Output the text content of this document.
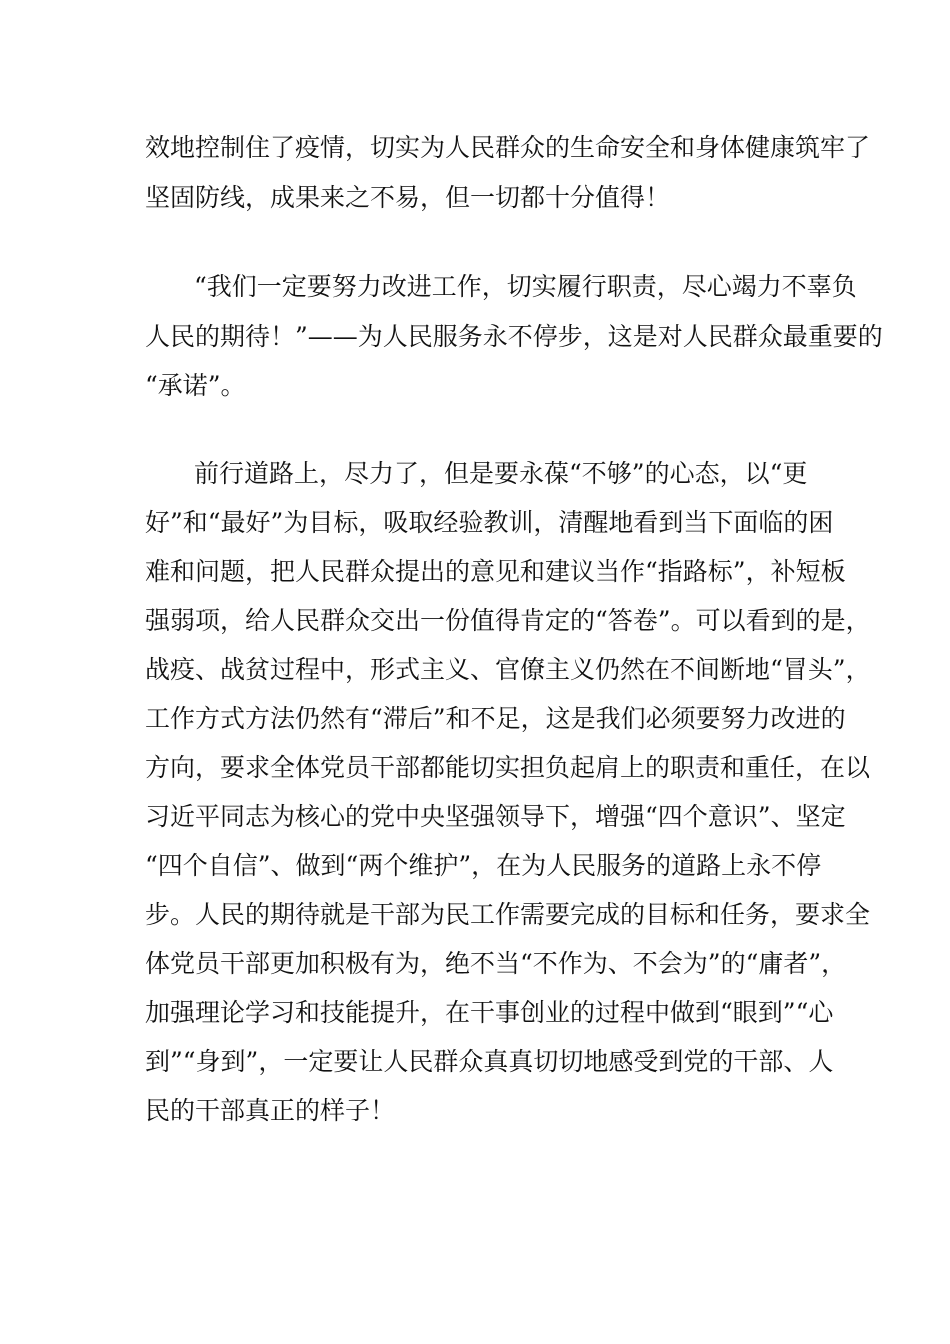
效地控制住了疫情，切实为人民群众的生命安全和身体健康筑牢了
坚固防线，成果来之不易，但一切都十分值得！
“我们一定要努力改进工作，切实履行职责，尽心竭力不辜负
人民的期待！”——为人民服务永不停步，这是对人民群众最重要的
“承诺”。
前行道路上，尽力了，但是要永葆“不够”的心态，以“更
好”和“最好”为目标，吸取经验教训，清醒地看到当下面临的困
难和问题，把人民群众提出的意见和建议当作“指路标”，补短板
强弱项，给人民群众交出一份值得肯定的“答卷”。可以看到的是，
战疫、战贫过程中，形式主义、官僚主义仍然在不间断地“冒头”，
工作方式方法仍然有“滞后”和不足，这是我们必须要努力改进的
方向，要求全体党员干部都能切实担负起肩上的职责和重任，在以
习近平同志为核心的党中央坚强领导下，增强“四个意识”、坚定
“四个自信”、做到“两个维护”，在为人民服务的道路上永不停
步。人民的期待就是干部为民工作需要完成的目标和任务，要求全
体党员干部更加积极有为，绝不当“不作为、不会为”的“庸者”，
加强理论学习和技能提升，在干事创业的过程中做到“眼到”“心
到”“身到”，一定要让人民群众真真切切地感受到党的干部、人
民的干部真正的样子！
